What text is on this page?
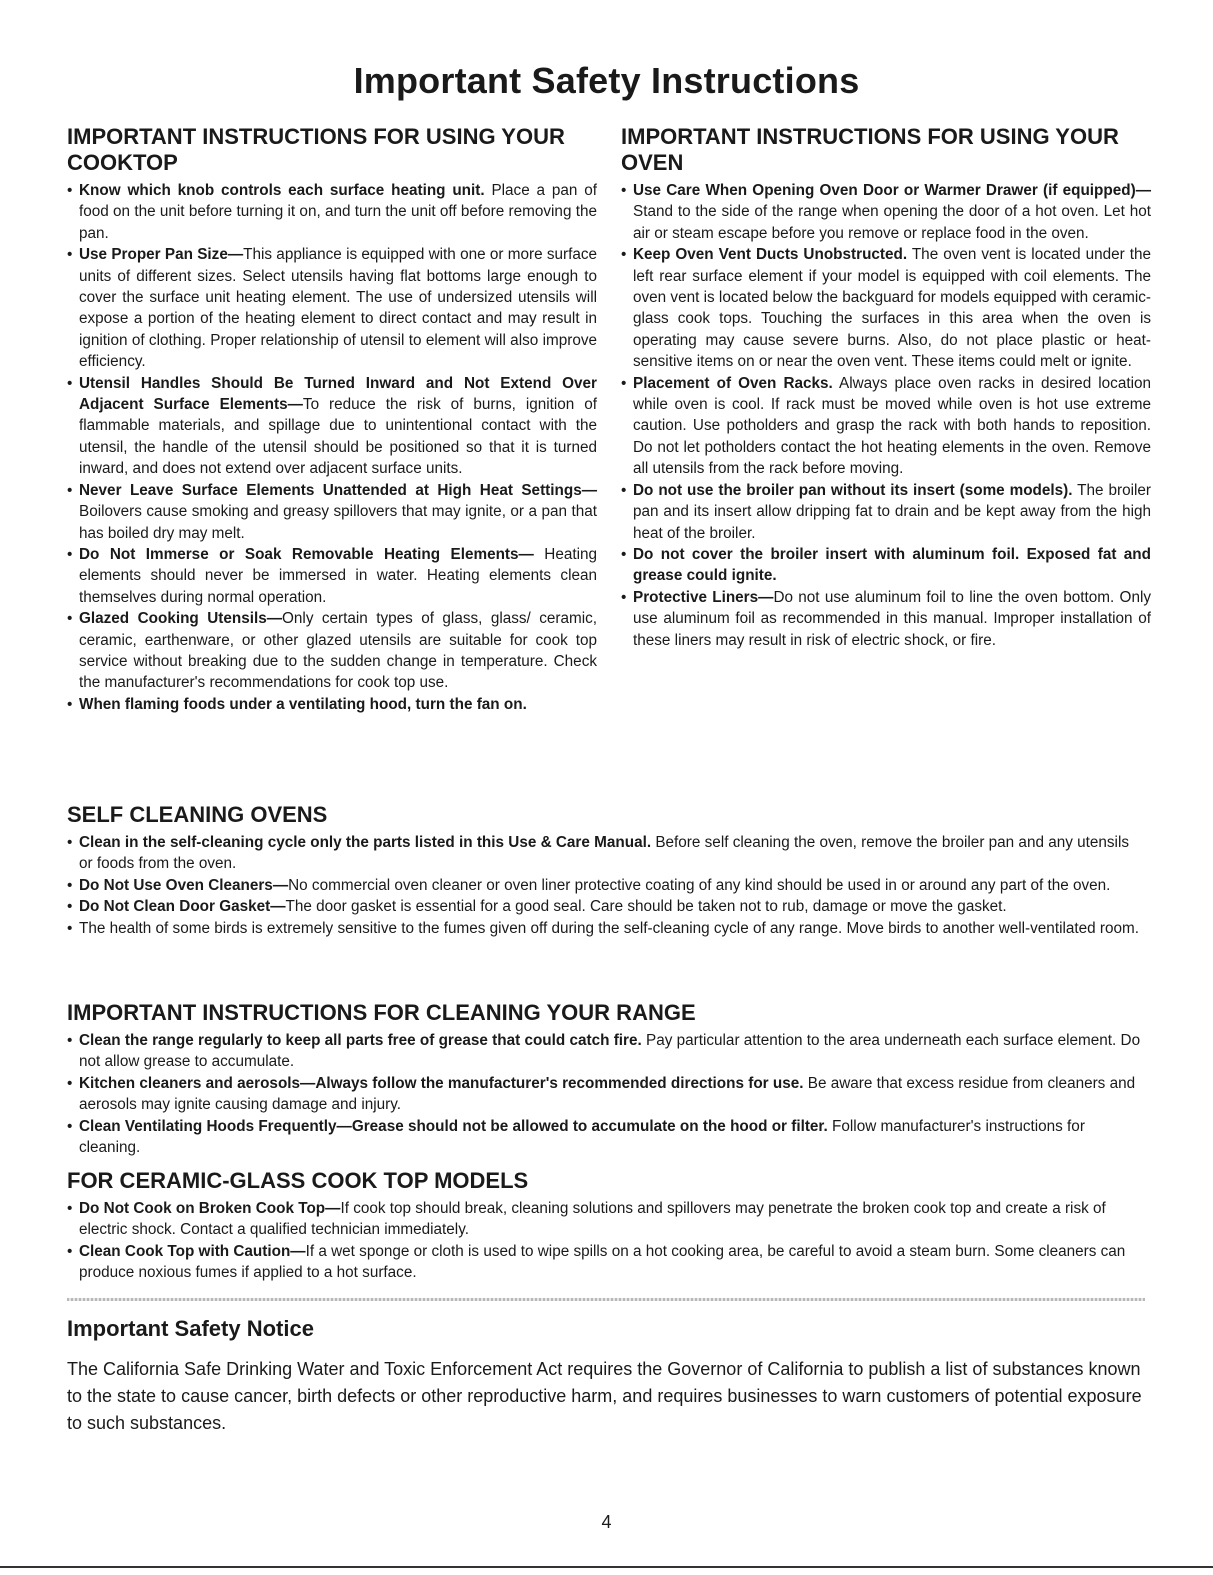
Important Safety Instructions
IMPORTANT INSTRUCTIONS FOR USING YOUR COOKTOP
• Know which knob controls each surface heating unit. Place a pan of food on the unit before turning it on, and turn the unit off before removing the pan.
• Use Proper Pan Size—This appliance is equipped with one or more surface units of different sizes. Select utensils having flat bottoms large enough to cover the surface unit heating element. The use of undersized utensils will expose a portion of the heating element to direct contact and may result in ignition of clothing. Proper relationship of utensil to element will also improve efficiency.
• Utensil Handles Should Be Turned Inward and Not Extend Over Adjacent Surface Elements—To reduce the risk of burns, ignition of flammable materials, and spillage due to unintentional contact with the utensil, the handle of the utensil should be positioned so that it is turned inward, and does not extend over adjacent surface units.
• Never Leave Surface Elements Unattended at High Heat Settings—Boilovers cause smoking and greasy spillovers that may ignite, or a pan that has boiled dry may melt.
• Do Not Immerse or Soak Removable Heating Elements— Heating elements should never be immersed in water. Heating elements clean themselves during normal operation.
• Glazed Cooking Utensils—Only certain types of glass, glass/ ceramic, ceramic, earthenware, or other glazed utensils are suitable for cook top service without breaking due to the sudden change in temperature. Check the manufacturer's recommendations for cook top use.
• When flaming foods under a ventilating hood, turn the fan on.
IMPORTANT INSTRUCTIONS FOR USING YOUR OVEN
• Use Care When Opening Oven Door or Warmer Drawer (if equipped)—Stand to the side of the range when opening the door of a hot oven. Let hot air or steam escape before you remove or replace food in the oven.
• Keep Oven Vent Ducts Unobstructed. The oven vent is located under the left rear surface element if your model is equipped with coil elements. The oven vent is located below the backguard for models equipped with ceramic-glass cook tops. Touching the surfaces in this area when the oven is operating may cause severe burns. Also, do not place plastic or heat-sensitive items on or near the oven vent. These items could melt or ignite.
• Placement of Oven Racks. Always place oven racks in desired location while oven is cool. If rack must be moved while oven is hot use extreme caution. Use potholders and grasp the rack with both hands to reposition. Do not let potholders contact the hot heating elements in the oven. Remove all utensils from the rack before moving.
• Do not use the broiler pan without its insert (some models). The broiler pan and its insert allow dripping fat to drain and be kept away from the high heat of the broiler.
• Do not cover the broiler insert with aluminum foil. Exposed fat and grease could ignite.
• Protective Liners—Do not use aluminum foil to line the oven bottom. Only use aluminum foil as recommended in this manual. Improper installation of these liners may result in risk of electric shock, or fire.
SELF CLEANING OVENS
• Clean in the self-cleaning cycle only the parts listed in this Use & Care Manual. Before self cleaning the oven, remove the broiler pan and any utensils or foods from the oven.
• Do Not Use Oven Cleaners—No commercial oven cleaner or oven liner protective coating of any kind should be used in or around any part of the oven.
• Do Not Clean Door Gasket—The door gasket is essential for a good seal. Care should be taken not to rub, damage or move the gasket.
• The health of some birds is extremely sensitive to the fumes given off during the self-cleaning cycle of any range. Move birds to another well-ventilated room.
IMPORTANT INSTRUCTIONS FOR CLEANING YOUR RANGE
• Clean the range regularly to keep all parts free of grease that could catch fire. Pay particular attention to the area underneath each surface element. Do not allow grease to accumulate.
• Kitchen cleaners and aerosols—Always follow the manufacturer's recommended directions for use. Be aware that excess residue from cleaners and aerosols may ignite causing damage and injury.
• Clean Ventilating Hoods Frequently—Grease should not be allowed to accumulate on the hood or filter. Follow manufacturer's instructions for cleaning.
FOR CERAMIC-GLASS COOK TOP MODELS
• Do Not Cook on Broken Cook Top—If cook top should break, cleaning solutions and spillovers may penetrate the broken cook top and create a risk of electric shock. Contact a qualified technician immediately.
• Clean Cook Top with Caution—If a wet sponge or cloth is used to wipe spills on a hot cooking area, be careful to avoid a steam burn. Some cleaners can produce noxious fumes if applied to a hot surface.
Important Safety Notice

The California Safe Drinking Water and Toxic Enforcement Act requires the Governor of California to publish a list of substances known to the state to cause cancer, birth defects or other reproductive harm, and requires businesses to warn customers of potential exposure to such substances.

4
